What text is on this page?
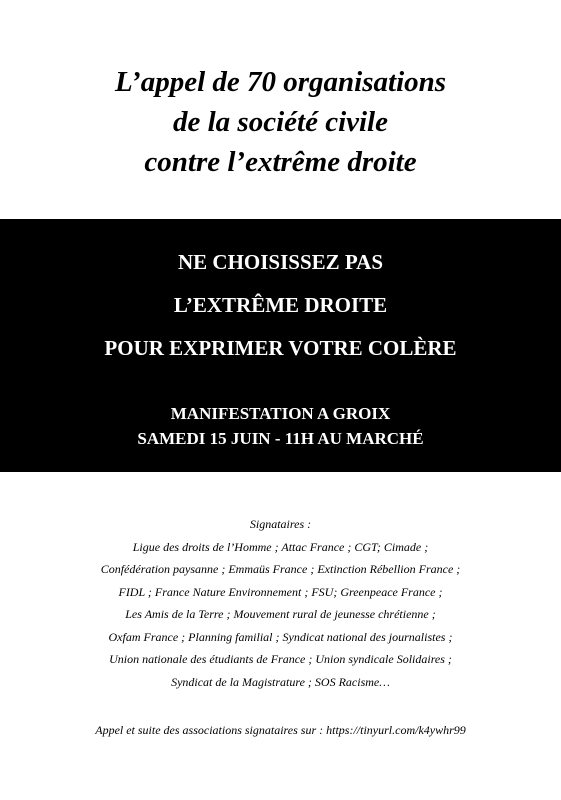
L’appel de 70 organisations
de la société civile
contre l’extrême droite
NE CHOISISSEZ PAS
L’EXTRÊME DROITE
POUR EXPRIMER VOTRE COLÈRE
MANIFESTATION A GROIX
SAMEDI 15 JUIN - 11H AU MARCHÉ
Signataires :
Ligue des droits de l’Homme ; Attac France ; CGT; Cimade ;
Confédération paysanne ; Emmaüs France ; Extinction Rébellion France ;
FIDL ; France Nature Environnement ; FSU; Greenpeace France ;
Les Amis de la Terre ; Mouvement rural de jeunesse chrétienne ;
Oxfam France ; Planning familial ; Syndicat national des journalistes ;
Union nationale des étudiants de France ; Union syndicale Solidaires ;
Syndicat de la Magistrature ; SOS Racisme…
Appel et suite des associations signataires sur : https://tinyurl.com/k4ywhr99
